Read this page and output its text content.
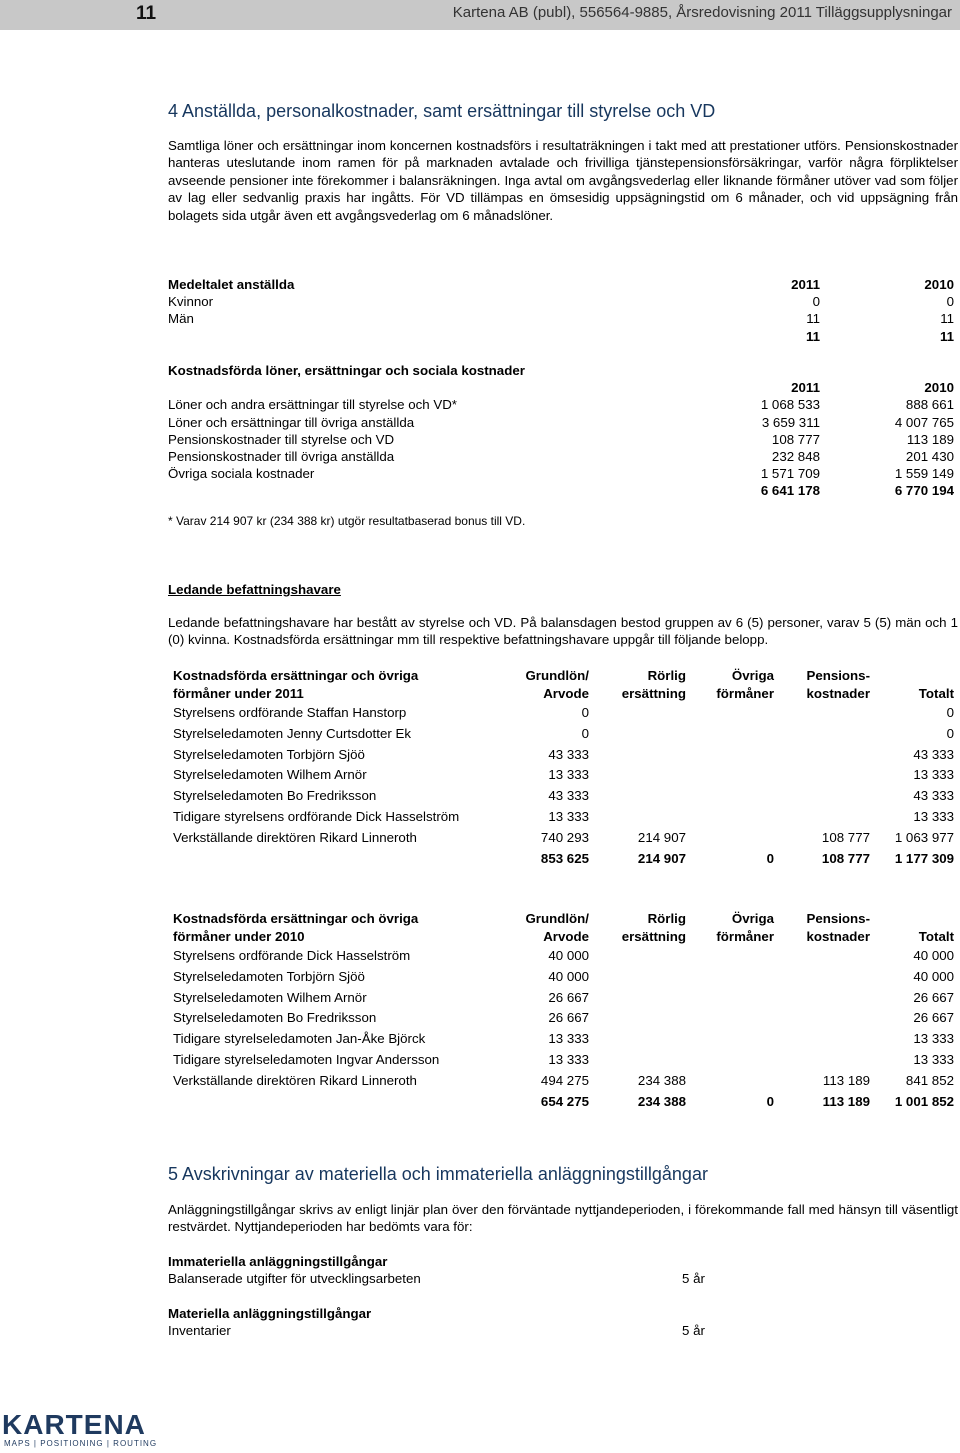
11	Kartena AB (publ), 556564-9885, Årsredovisning 2011 Tilläggsupplysningar
4 Anställda, personalkostnader, samt ersättningar till styrelse och VD
Samtliga löner och ersättningar inom koncernen kostnadsförs i resultaträkningen i takt med att prestationer utförs. Pensionskostnader hanteras uteslutande inom ramen för på marknaden avtalade och frivilliga tjänstepensionsförsäkringar, varför några förpliktelser avseende pensioner inte förekommer i balansräkningen. Inga avtal om avgångsvederlag eller liknande förmåner utöver vad som följer av lag eller sedvanlig praxis har ingåtts. För VD tillämpas en ömsesidig uppsägningstid om 6 månader, och vid uppsägning från bolagets sida utgår även ett avgångsvederlag om 6 månadslöner.
Medeltalet anställda	2011	2010
Kvinnor	0	0
Män	11	11
	11	11
Kostnadsförda löner, ersättningar och sociala kostnader		
	2011	2010
Löner och andra ersättningar till styrelse och VD*	1 068 533	888 661
Löner och ersättningar till övriga anställda	3 659 311	4 007 765
Pensionskostnader till styrelse och VD	108 777	113 189
Pensionskostnader till övriga anställda	232 848	201 430
Övriga sociala kostnader	1 571 709	1 559 149
	6 641 178	6 770 194
* Varav 214 907 kr (234 388 kr) utgör resultatbaserad bonus till VD.
Ledande befattningshavare
Ledande befattningshavare har bestått av styrelse och VD. På balansdagen bestod gruppen av 6 (5) personer, varav 5 (5) män och 1 (0) kvinna. Kostnadsförda ersättningar mm till respektive befattningshavare uppgår till följande belopp.
Kostnadsförda ersättningar och övriga	Grundlön/	Rörlig	Övriga	Pensions-	
förmåner under 2011	Arvode	ersättning	förmåner	kostnader	Totalt
Styrelsens ordförande Staffan Hanstorp	0				0
Styrelseledamoten Jenny Curtsdotter Ek	0				0
Styrelseledamoten Torbjörn Sjöö	43 333				43 333
Styrelseledamoten Wilhem Arnör	13 333				13 333
Styrelseledamoten Bo Fredriksson	43 333				43 333
Tidigare styrelsens ordförande Dick Hasselström	13 333				13 333
Verkställande direktören Rikard Linneroth	740 293	214 907		108 777	1 063 977
	853 625	214 907	0	108 777	1 177 309
Kostnadsförda ersättningar och övriga	Grundlön/	Rörlig	Övriga	Pensions-	
förmåner under 2010	Arvode	ersättning	förmåner	kostnader	Totalt
Styrelsens ordförande Dick Hasselström	40 000				40 000
Styrelseledamoten Torbjörn Sjöö	40 000				40 000
Styrelseledamoten Wilhem Arnör	26 667				26 667
Styrelseledamoten Bo Fredriksson	26 667				26 667
Tidigare styrelseledamoten Jan-Åke Björck	13 333				13 333
Tidigare styrelseledamoten Ingvar Andersson	13 333				13 333
Verkställande direktören Rikard Linneroth	494 275	234 388		113 189	841 852
	654 275	234 388	0	113 189	1 001 852
5 Avskrivningar av materiella och immateriella anläggningstillgångar
Anläggningstillgångar skrivs av enligt linjär plan över den förväntade nyttjandeperioden, i förekommande fall med hänsyn till väsentligt restvärdet. Nyttjandeperioden har bedömts vara för:
Immateriella anläggningstillgångar	
Balanserade utgifter för utvecklingsarbeten	5 år

Materiella anläggningstillgångar	
Inventarier	5 år
KARTENA
MAPS | POSITIONING | ROUTING
